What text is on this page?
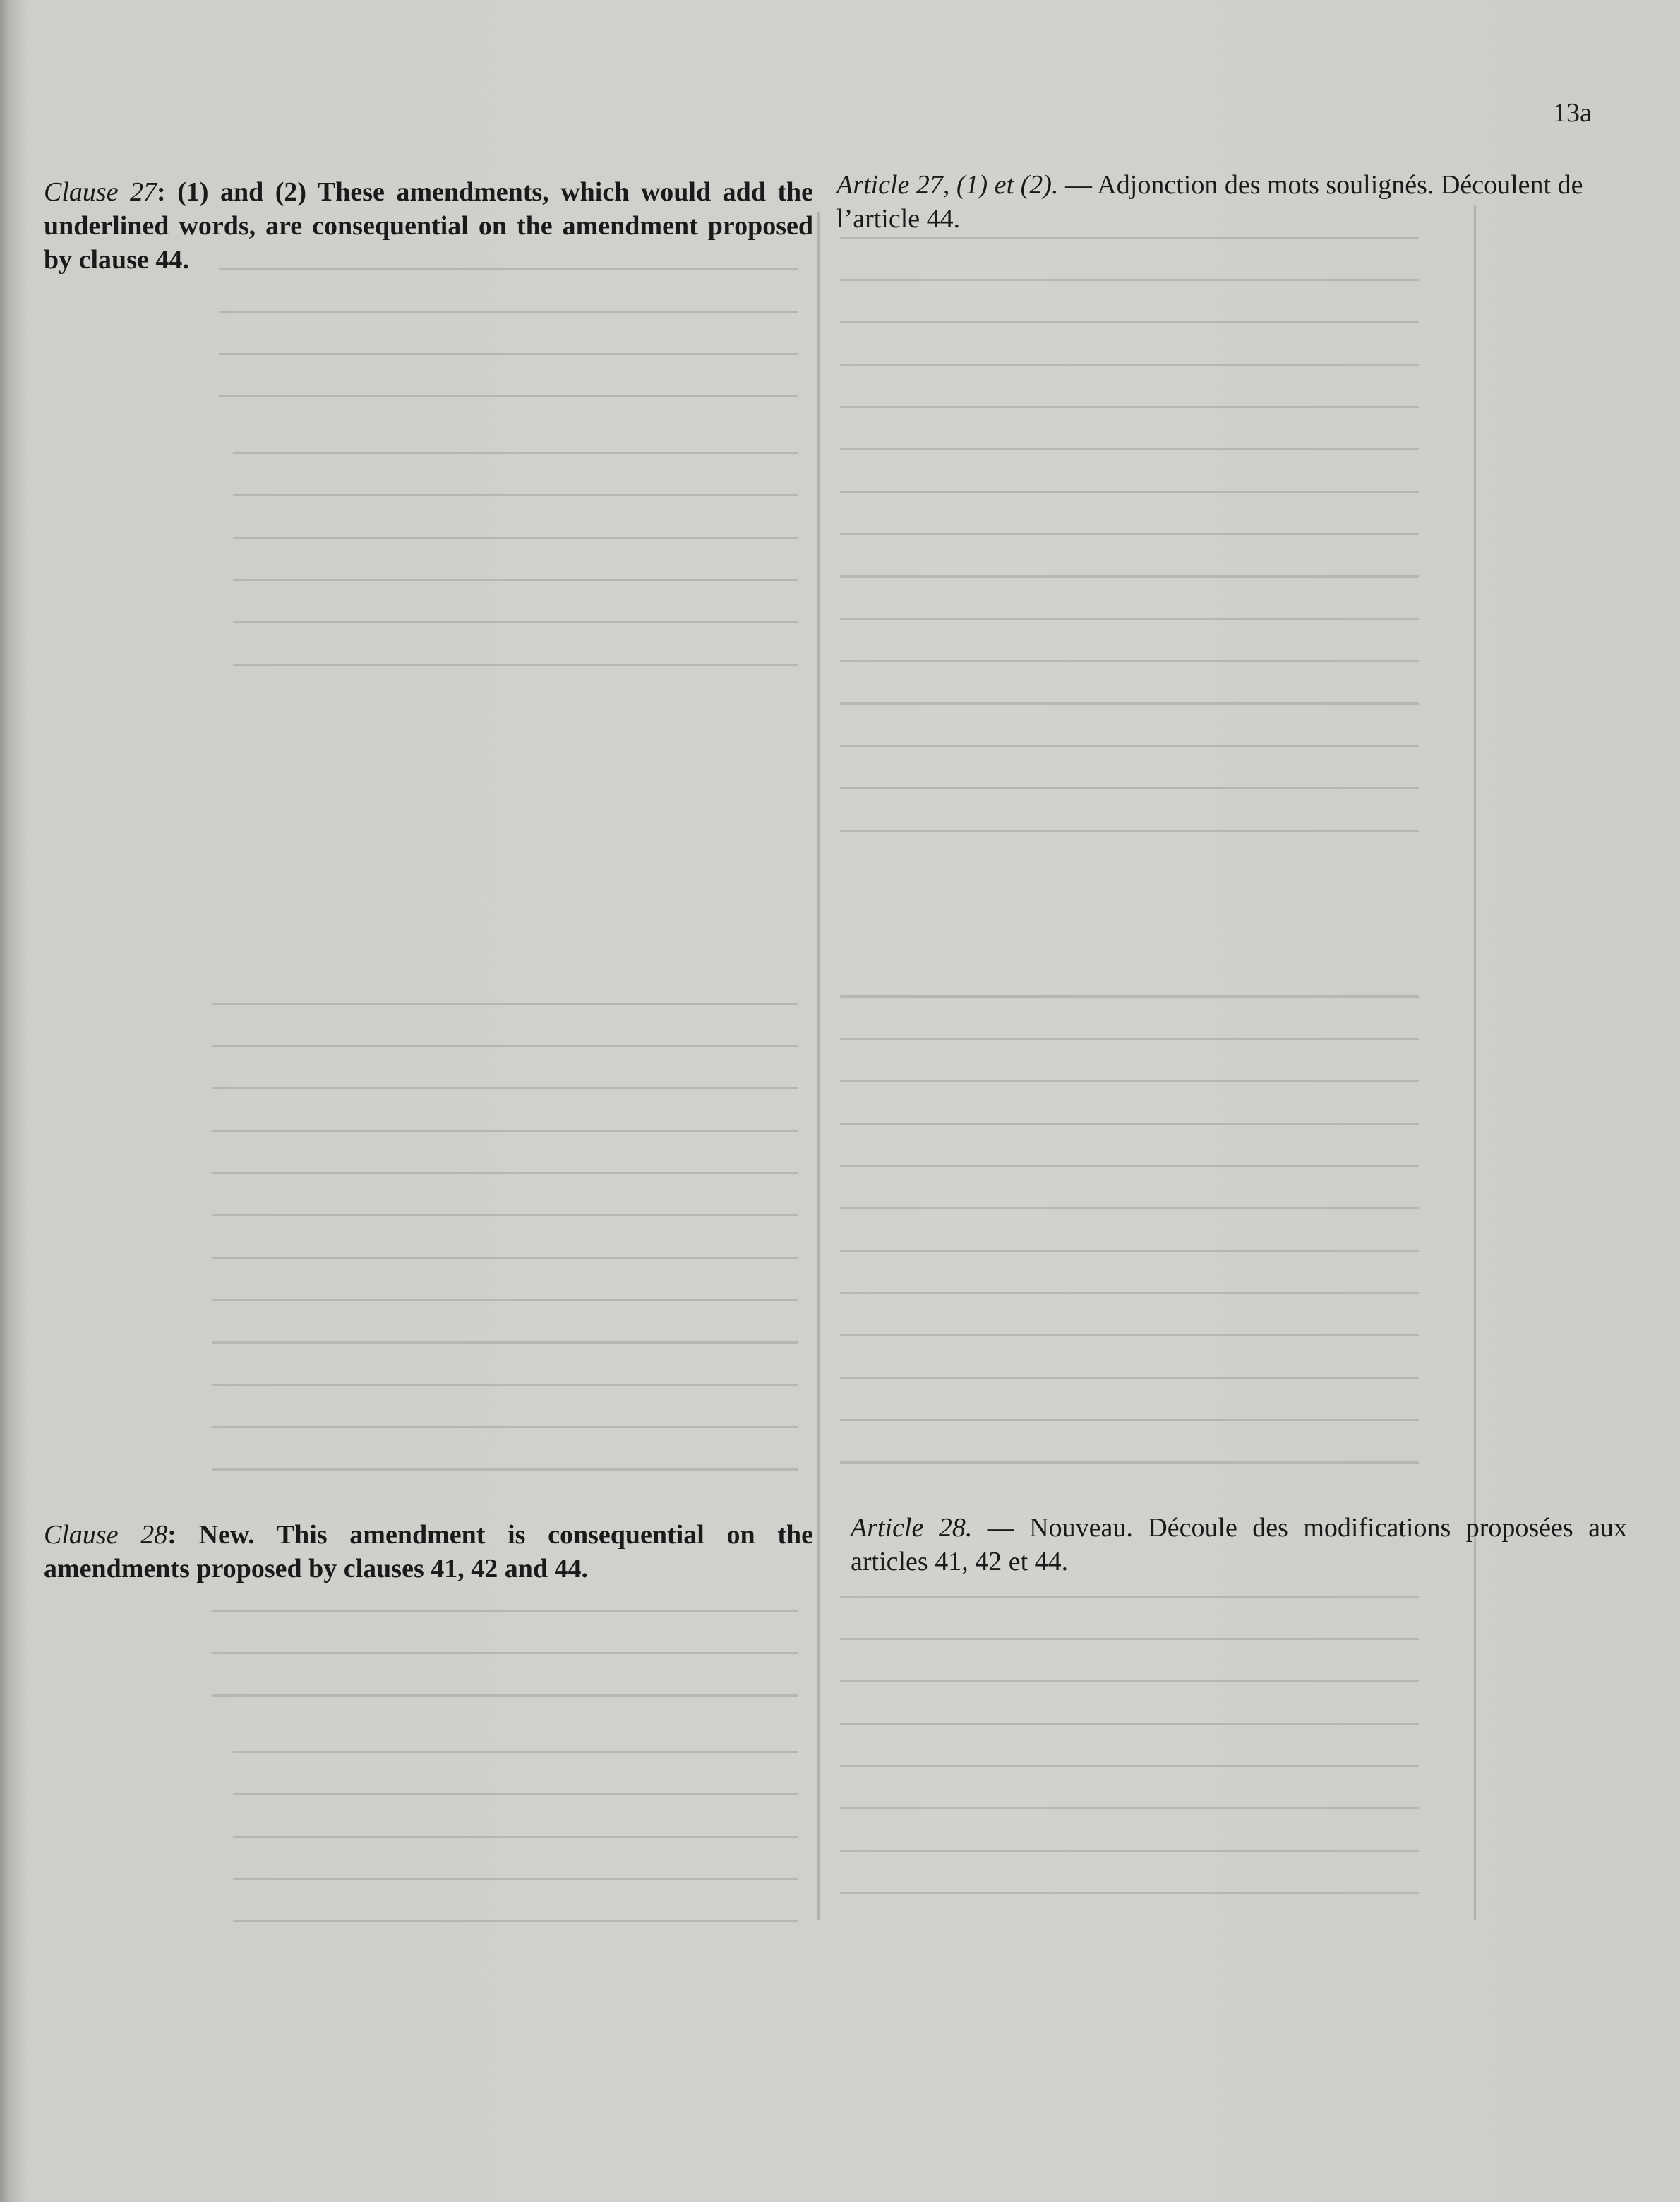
13a
Clause 27: (1) and (2) These amendments, which would add the underlined words, are consequential on the amendment proposed by clause 44.
Article 27, (1) et (2). — Adjonction des mots soulignés. Découlent de l’article 44.
Clause 28: New. This amendment is consequential on the amendments proposed by clauses 41, 42 and 44.
Article 28. — Nouveau. Découle des modifications proposées aux articles 41, 42 et 44.
